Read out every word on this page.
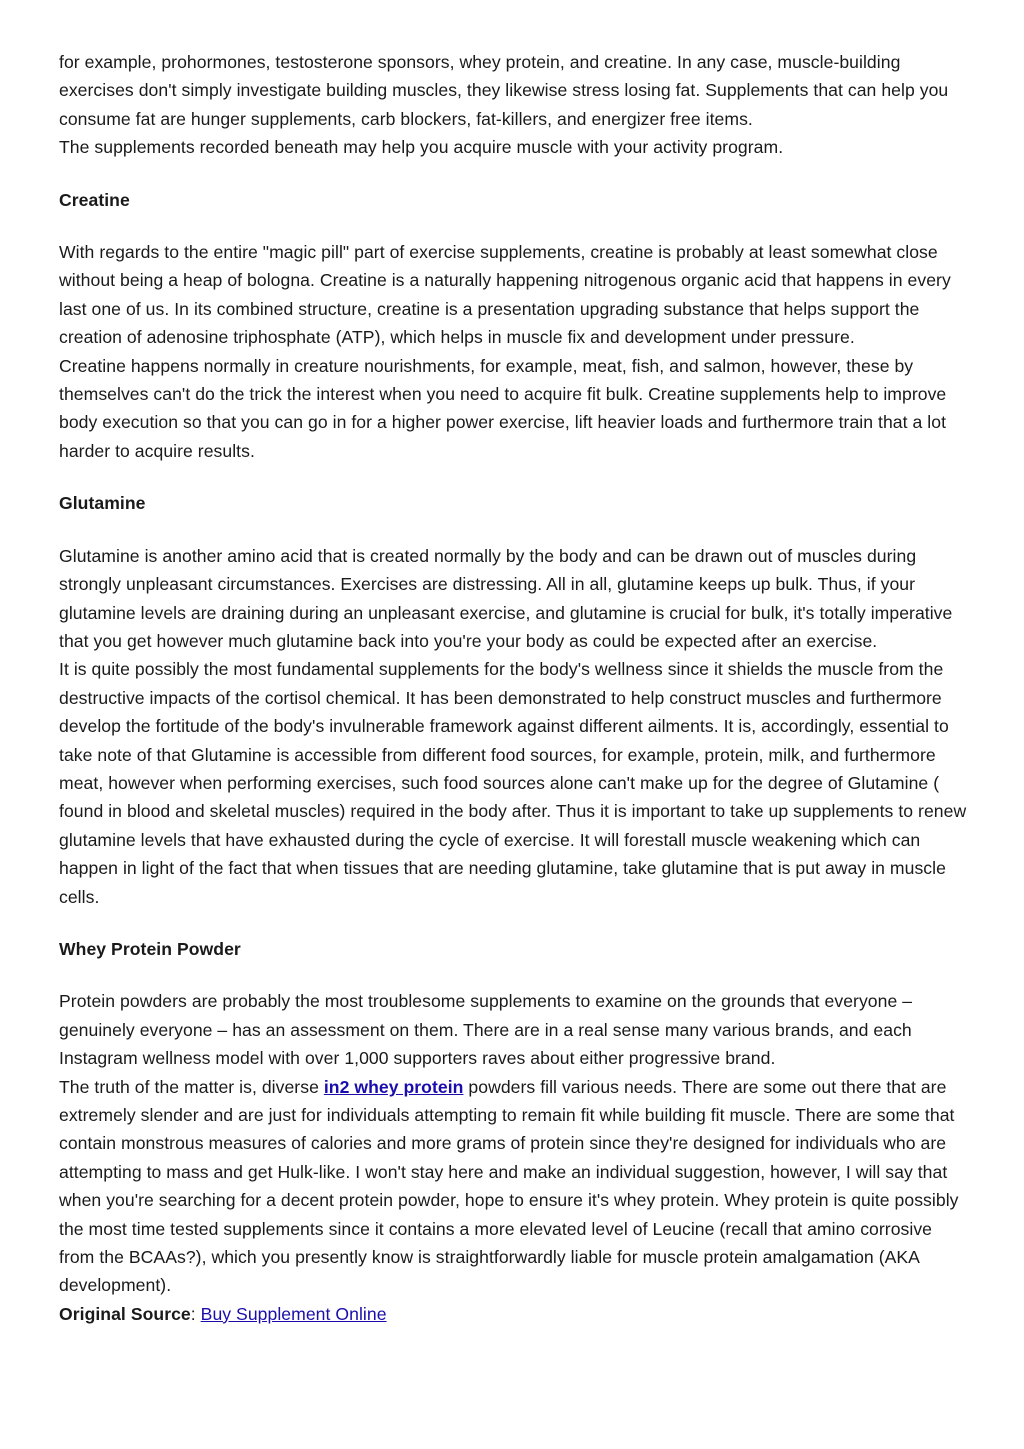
for example, prohormones, testosterone sponsors, whey protein, and creatine. In any case, muscle-building exercises don't simply investigate building muscles, they likewise stress losing fat. Supplements that can help you consume fat are hunger supplements, carb blockers, fat-killers, and energizer free items.

The supplements recorded beneath may help you acquire muscle with your activity program.

Creatine

With regards to the entire "magic pill" part of exercise supplements, creatine is probably at least somewhat close without being a heap of bologna. Creatine is a naturally happening nitrogenous organic acid that happens in every last one of us. In its combined structure, creatine is a presentation upgrading substance that helps support the creation of adenosine triphosphate (ATP), which helps in muscle fix and development under pressure.

Creatine happens normally in creature nourishments, for example, meat, fish, and salmon, however, these by themselves can't do the trick the interest when you need to acquire fit bulk. Creatine supplements help to improve body execution so that you can go in for a higher power exercise, lift heavier loads and furthermore train that a lot harder to acquire results.

Glutamine

Glutamine is another amino acid that is created normally by the body and can be drawn out of muscles during strongly unpleasant circumstances. Exercises are distressing. All in all, glutamine keeps up bulk. Thus, if your glutamine levels are draining during an unpleasant exercise, and glutamine is crucial for bulk, it's totally imperative that you get however much glutamine back into you're your body as could be expected after an exercise.

It is quite possibly the most fundamental supplements for the body's wellness since it shields the muscle from the destructive impacts of the cortisol chemical. It has been demonstrated to help construct muscles and furthermore develop the fortitude of the body's invulnerable framework against different ailments. It is, accordingly, essential to take note of that Glutamine is accessible from different food sources, for example, protein, milk, and furthermore meat, however when performing exercises, such food sources alone can't make up for the degree of Glutamine ( found in blood and skeletal muscles) required in the body after. Thus it is important to take up supplements to renew glutamine levels that have exhausted during the cycle of exercise. It will forestall muscle weakening which can happen in light of the fact that when tissues that are needing glutamine, take glutamine that is put away in muscle cells.

Whey Protein Powder

Protein powders are probably the most troublesome supplements to examine on the grounds that everyone – genuinely everyone – has an assessment on them. There are in a real sense many various brands, and each Instagram wellness model with over 1,000 supporters raves about either progressive brand.

The truth of the matter is, diverse in2 whey protein powders fill various needs. There are some out there that are extremely slender and are just for individuals attempting to remain fit while building fit muscle. There are some that contain monstrous measures of calories and more grams of protein since they're designed for individuals who are attempting to mass and get Hulk-like. I won't stay here and make an individual suggestion, however, I will say that when you're searching for a decent protein powder, hope to ensure it's whey protein. Whey protein is quite possibly the most time tested supplements since it contains a more elevated level of Leucine (recall that amino corrosive from the BCAAs?), which you presently know is straightforwardly liable for muscle protein amalgamation (AKA development).

Original Source: Buy Supplement Online
